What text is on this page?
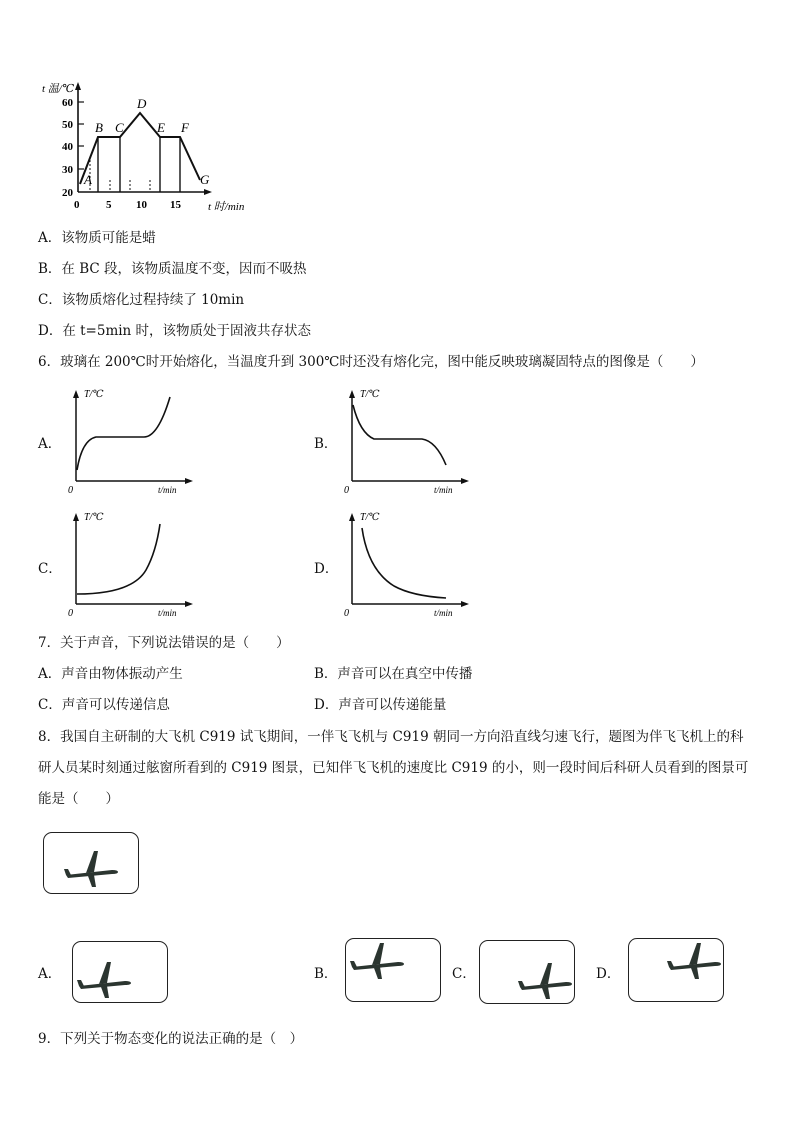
t 温/℃
t 时/min
60
50
40
30
20
0 5 10 15
A
B C
D
E F
G
A．该物质可能是蜡
B．在 BC 段，该物质温度不变，因而不吸热
C．该物质熔化过程持续了 10min
D．在 t=5min 时，该物质处于固液共存状态
6．玻璃在 200℃时开始熔化，当温度升到 300℃时还没有熔化完，图中能反映玻璃凝固特点的图像是（　　）
A．
T/℃
t/min
0
B．
T/℃
t/min
0
C．
T/℃
t/min
0
D．
T/℃
t/min
0
7．关于声音，下列说法错误的是（　　）
A．声音由物体振动产生	B．声音可以在真空中传播
C．声音可以传递信息	D．声音可以传递能量
8．我国自主研制的大飞机 C919 试飞期间，一伴飞飞机与 C919 朝同一方向沿直线匀速飞行，题图为伴飞飞机上的科
研人员某时刻通过舷窗所看到的 C919 图景，已知伴飞飞机的速度比 C919 的小，则一段时间后科研人员看到的图景可
能是（　　）
A．	B．	C．	D．
9．下列关于物态变化的说法正确的是（　）
